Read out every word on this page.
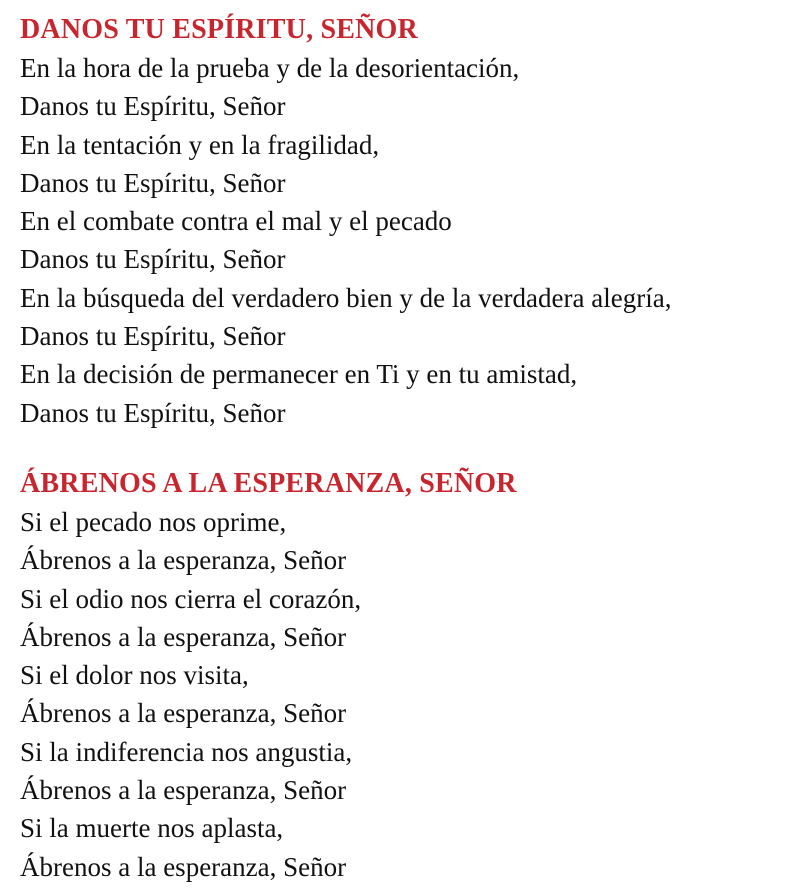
DANOS TU ESPÍRITU, SEÑOR

En la hora de la prueba y de la desorientación,

Danos tu Espíritu, Señor

En la tentación y en la fragilidad,

Danos tu Espíritu, Señor

En el combate contra el mal y el pecado

Danos tu Espíritu, Señor

En la búsqueda del verdadero bien y de la verdadera alegría,

Danos tu Espíritu, Señor

En la decisión de permanecer en Ti y en tu amistad,

Danos tu Espíritu, Señor

ÁBRENOS A LA ESPERANZA, SEÑOR

Si el pecado nos oprime,

Ábrenos a la esperanza, Señor

Si el odio nos cierra el corazón,

Ábrenos a la esperanza, Señor

Si el dolor nos visita,

Ábrenos a la esperanza, Señor

Si la indiferencia nos angustia,

Ábrenos a la esperanza, Señor

Si la muerte nos aplasta,

Ábrenos a la esperanza, Señor
